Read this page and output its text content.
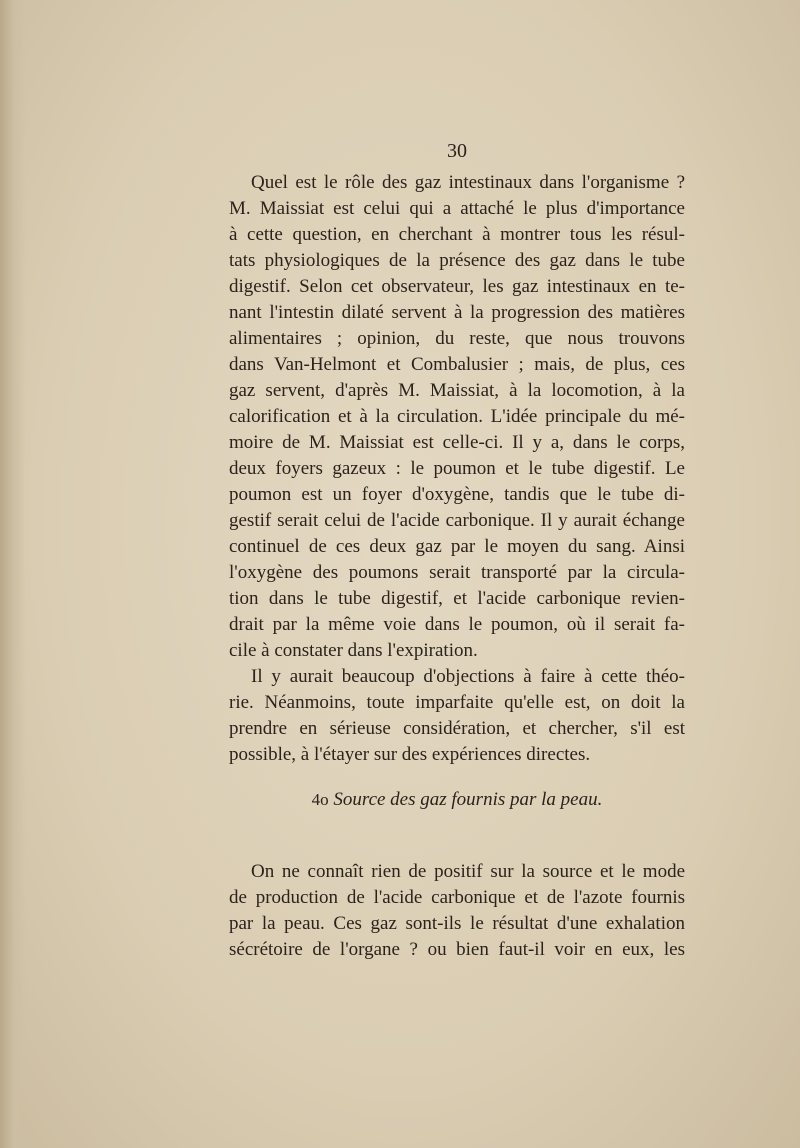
30
Quel est le rôle des gaz intestinaux dans l'organisme ?
M. Maissiat est celui qui a attaché le plus d'importance
à cette question, en cherchant à montrer tous les résul-
tats physiologiques de la présence des gaz dans le tube
digestif. Selon cet observateur, les gaz intestinaux en te-
nant l'intestin dilaté servent à la progression des matières
alimentaires ; opinion, du reste, que nous trouvons
dans Van-Helmont et Combalusier ; mais, de plus, ces
gaz servent, d'après M. Maissiat, à la locomotion, à la
calorification et à la circulation. L'idée principale du mé-
moire de M. Maissiat est celle-ci. Il y a, dans le corps,
deux foyers gazeux : le poumon et le tube digestif. Le
poumon est un foyer d'oxygène, tandis que le tube di-
gestif serait celui de l'acide carbonique. Il y aurait échange
continuel de ces deux gaz par le moyen du sang. Ainsi
l'oxygène des poumons serait transporté par la circula-
tion dans le tube digestif, et l'acide carbonique revien-
drait par la même voie dans le poumon, où il serait fa-
cile à constater dans l'expiration.
Il y aurait beaucoup d'objections à faire à cette théo-
rie. Néanmoins, toute imparfaite qu'elle est, on doit la
prendre en sérieuse considération, et chercher, s'il est
possible, à l'étayer sur des expériences directes.
4o Source des gaz fournis par la peau.
On ne connaît rien de positif sur la source et le mode
de production de l'acide carbonique et de l'azote fournis
par la peau. Ces gaz sont-ils le résultat d'une exhalation
sécrétoire de l'organe ? ou bien faut-il voir en eux, les
